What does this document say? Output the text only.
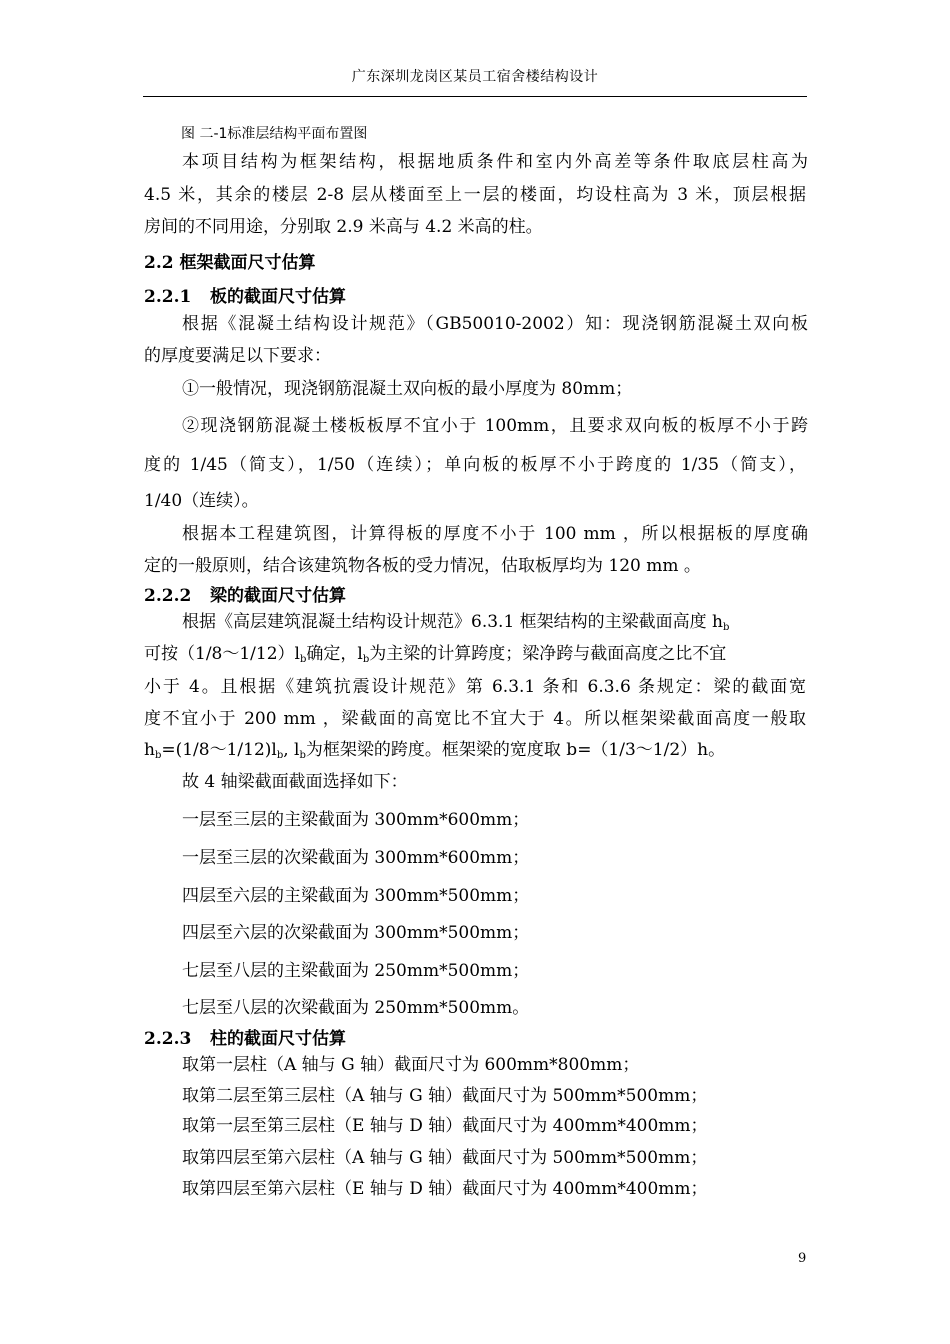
广东深圳龙岗区某员工宿舍楼结构设计
图 二-1标准层结构平面布置图
本项目结构为框架结构，根据地质条件和室内外高差等条件取底层柱高为
4.5 米，其余的楼层 2-8 层从楼面至上一层的楼面，均设柱高为 3 米，顶层根据
房间的不同用途，分别取 2.9 米高与 4.2 米高的柱。
2.2 框架截面尺寸估算
2.2.1 板的截面尺寸估算
根据《混凝土结构设计规范》（GB50010-2002）知：现浇钢筋混凝土双向板
的厚度要满足以下要求：
①一般情况，现浇钢筋混凝土双向板的最小厚度为 80mm；
②现浇钢筋混凝土楼板板厚不宜小于 100mm，且要求双向板的板厚不小于跨
度的 1/45（简支），1/50（连续）；单向板的板厚不小于跨度的 1/35（简支），
1/40（连续）。
根据本工程建筑图，计算得板的厚度不小于 100 mm ，所以根据板的厚度确
定的一般原则，结合该建筑物各板的受力情况，估取板厚均为 120 mm 。
2.2.2 梁的截面尺寸估算
根据《高层建筑混凝土结构设计规范》6.3.1 框架结构的主梁截面高度 $h_b$
可按$(1/8\sim 1/12)l_b$确定，$l_b$为主梁的计算跨度；梁净跨与截面高度之比不宜
小于 4。且根据《建筑抗震设计规范》第 6.3.1 条和 6.3.6 条规定：梁的截面宽
度不宜小于 200 mm ，梁截面的高宽比不宜大于 4。所以框架梁截面高度一般取
$h_b=(1/8\sim 1/12)l_b$, $l_b$为框架梁的跨度。框架梁的宽度取 b=（1/3～1/2）h。
故 4 轴梁截面截面选择如下：
一层至三层的主梁截面为 300mm*600mm；
一层至三层的次梁截面为 300mm*600mm；
四层至六层的主梁截面为 300mm*500mm；
四层至六层的次梁截面为 300mm*500mm；
七层至八层的主梁截面为 250mm*500mm；
七层至八层的次梁截面为 250mm*500mm。
2.2.3 柱的截面尺寸估算
取第一层柱（A 轴与 G 轴）截面尺寸为 600mm*800mm；
取第二层至第三层柱（A 轴与 G 轴）截面尺寸为 500mm*500mm；
取第一层至第三层柱（E 轴与 D 轴）截面尺寸为 400mm*400mm；
取第四层至第六层柱（A 轴与 G 轴）截面尺寸为 500mm*500mm；
取第四层至第六层柱（E 轴与 D 轴）截面尺寸为 400mm*400mm；
9
